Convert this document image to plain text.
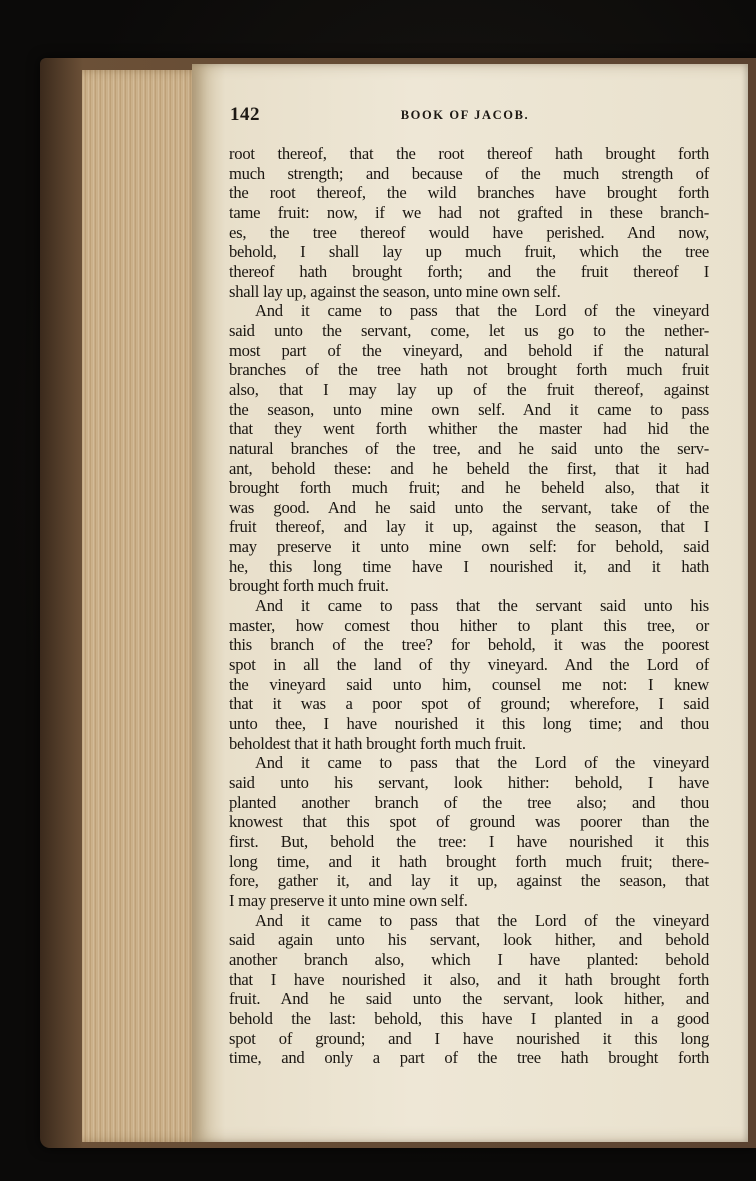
142	BOOK OF JACOB.
root thereof, that the root thereof hath brought forth
much strength; and because of the much strength of
the root thereof, the wild branches have brought forth
tame fruit: now, if we had not grafted in these branch-
es, the tree thereof would have perished. And now,
behold, I shall lay up much fruit, which the tree
thereof hath brought forth; and the fruit thereof I
shall lay up, against the season, unto mine own self.
And it came to pass that the Lord of the vineyard
said unto the servant, come, let us go to the nether-
most part of the vineyard, and behold if the natural
branches of the tree hath not brought forth much fruit
also, that I may lay up of the fruit thereof, against
the season, unto mine own self. And it came to pass
that they went forth whither the master had hid the
natural branches of the tree, and he said unto the serv-
ant, behold these: and he beheld the first, that it had
brought forth much fruit; and he beheld also, that it
was good. And he said unto the servant, take of the
fruit thereof, and lay it up, against the season, that I
may preserve it unto mine own self: for behold, said
he, this long time have I nourished it, and it hath
brought forth much fruit.
And it came to pass that the servant said unto his
master, how comest thou hither to plant this tree, or
this branch of the tree? for behold, it was the poorest
spot in all the land of thy vineyard. And the Lord of
the vineyard said unto him, counsel me not: I knew
that it was a poor spot of ground; wherefore, I said
unto thee, I have nourished it this long time; and thou
beholdest that it hath brought forth much fruit.
And it came to pass that the Lord of the vineyard
said unto his servant, look hither: behold, I have
planted another branch of the tree also; and thou
knowest that this spot of ground was poorer than the
first. But, behold the tree: I have nourished it this
long time, and it hath brought forth much fruit; there-
fore, gather it, and lay it up, against the season, that
I may preserve it unto mine own self.
And it came to pass that the Lord of the vineyard
said again unto his servant, look hither, and behold
another branch also, which I have planted: behold
that I have nourished it also, and it hath brought forth
fruit. And he said unto the servant, look hither, and
behold the last: behold, this have I planted in a good
spot of ground; and I have nourished it this long
time, and only a part of the tree hath brought forth
